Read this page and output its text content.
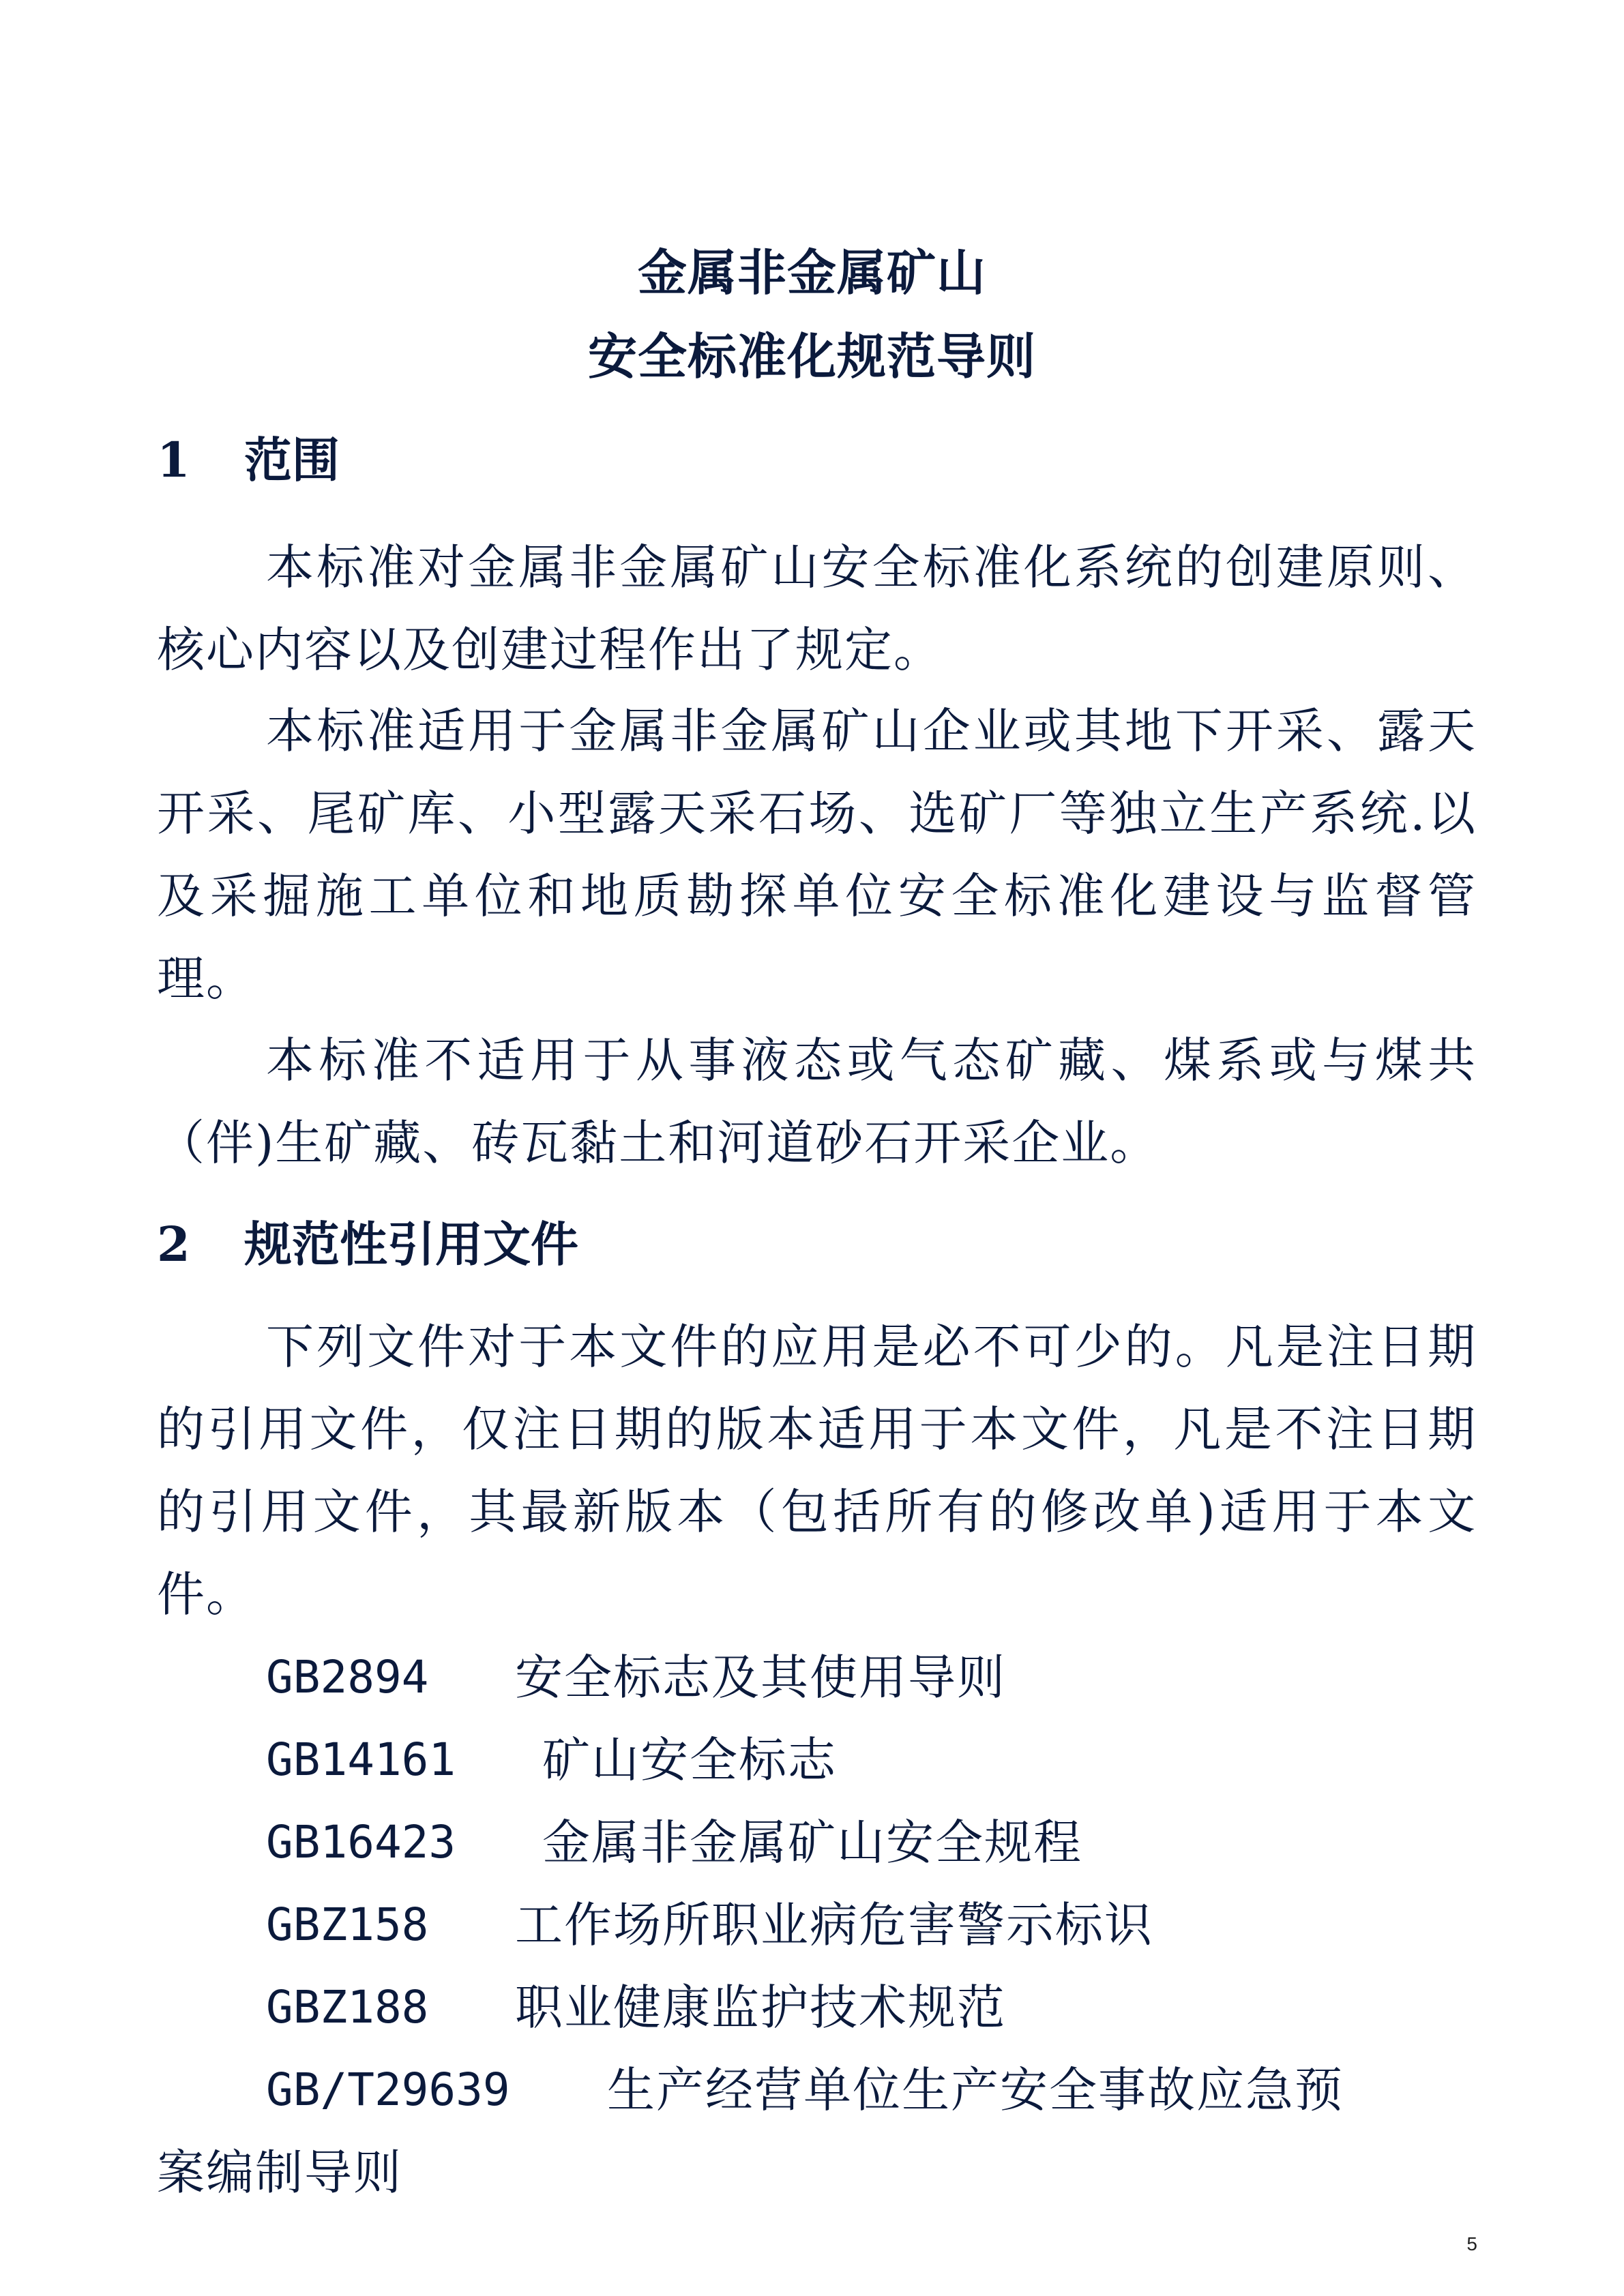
金属非金属矿山
安全标准化规范导则
1	范围

本标准对金属非金属矿山安全标准化系统的创建原则、核心内容以及创建过程作出了规定。

本标准适用于金属非金属矿山企业或其地下开采、露天开采、尾矿库、小型露天采石场、选矿厂等独立生产系统.以及采掘施工单位和地质勘探单位安全标准化建设与监督管理。

本标准不适用于从事液态或气态矿藏、煤系或与煤共（伴)生矿藏、砖瓦黏土和河道砂石开采企业。

2	规范性引用文件

下列文件对于本文件的应用是必不可少的。凡是注日期的引用文件，仅注日期的版本适用于本文件，凡是不注日期的引用文件，其最新版本（包括所有的修改单)适用于本文件。

GB2894	安全标志及其使用导则
GB14161	矿山安全标志
GB16423	金属非金属矿山安全规程
GBZ158	工作场所职业病危害警示标识
GBZ188	职业健康监护技术规范
GB/T29639	生产经营单位生产安全事故应急预
案编制导则
5
